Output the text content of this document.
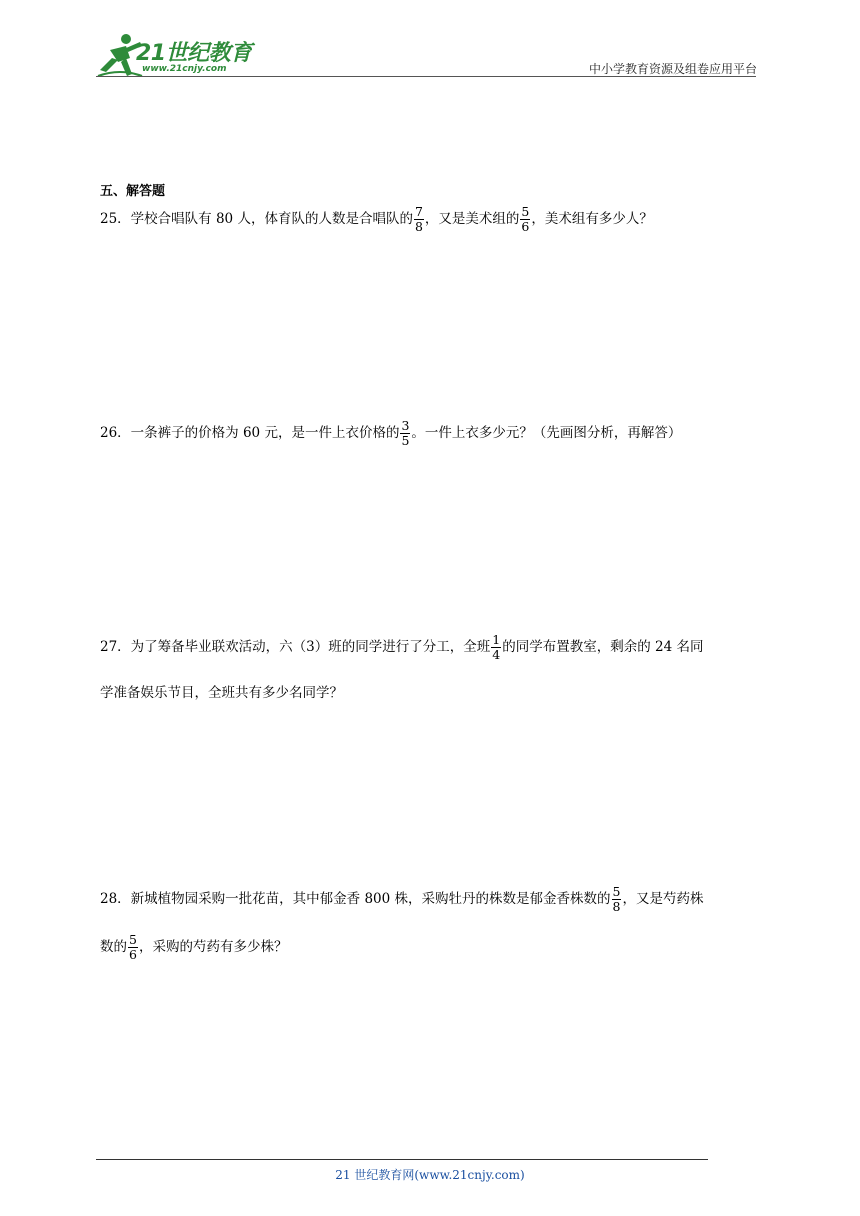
21世纪教育
www.21cnjy.com	中小学教育资源及组卷应用平台
五、解答题
25．学校合唱队有 80 人，体育队的人数是合唱队的 $\frac{7}{8}$ ，又是美术组的 $\frac{5}{6}$ ，美术组有多少人？
26．一条裤子的价格为 60 元，是一件上衣价格的 $\frac{3}{5}$ 。一件上衣多少元？（先画图分析，再解答）
27．为了筹备毕业联欢活动，六（3）班的同学进行了分工，全班 $\frac{1}{4}$ 的同学布置教室，剩余的 24 名同
学准备娱乐节目，全班共有多少名同学？
28．新城植物园采购一批花苗，其中郁金香 800 株，采购牡丹的株数是郁金香株数的 $\frac{5}{8}$ ，又是芍药株
数的 $\frac{5}{6}$ ，采购的芍药有多少株？
21 世纪教育网(www.21cnjy.com)
